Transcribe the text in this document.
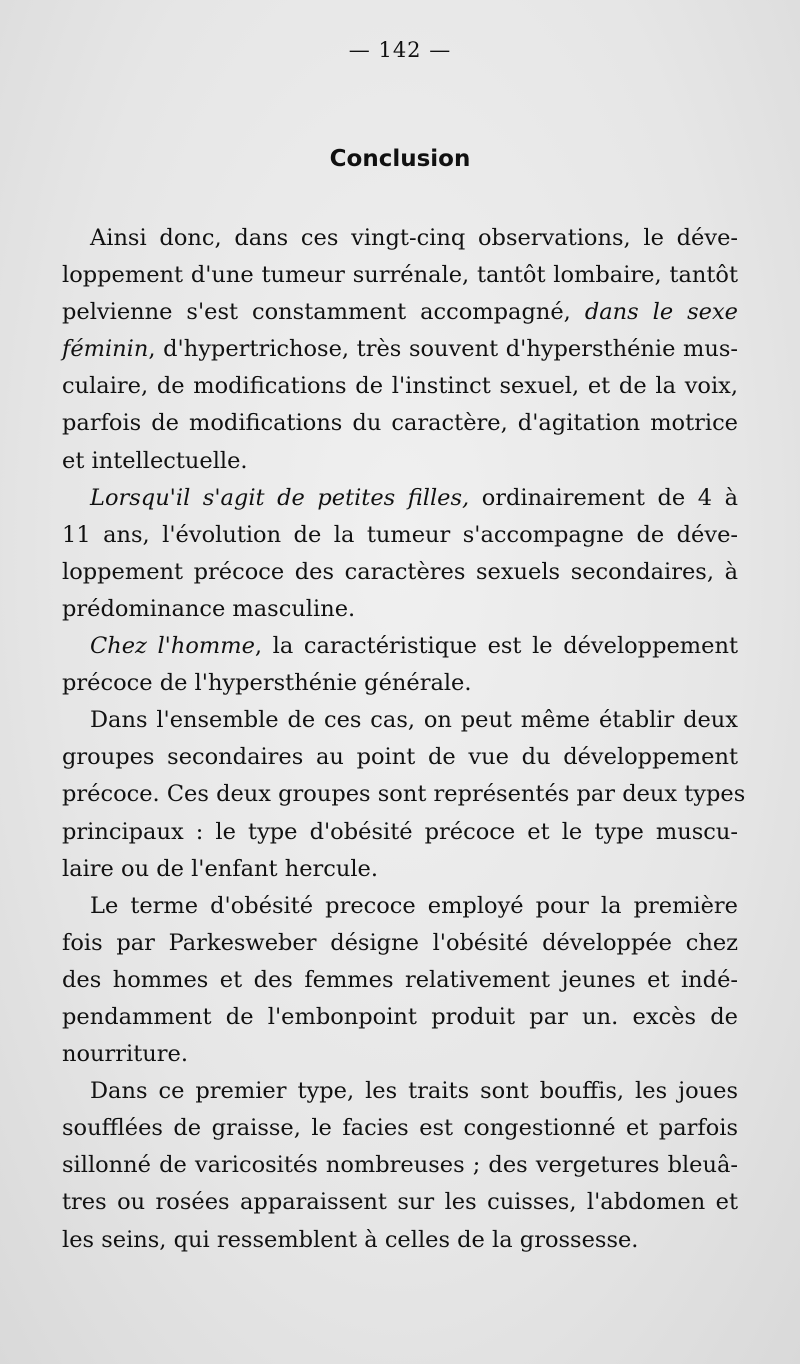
— 142 —
Conclusion
Ainsi donc, dans ces vingt-cinq observations, le déve-
loppement d'une tumeur surrénale, tantôt lombaire, tantôt
pelvienne s'est constamment accompagné, dans le sexe
féminin, d'hypertrichose, très souvent d'hypersthénie mus-
culaire, de modifications de l'instinct sexuel, et de la voix,
parfois de modifications du caractère, d'agitation motrice
et intellectuelle.
Lorsqu'il s'agit de petites filles, ordinairement de 4 à
11 ans, l'évolution de la tumeur s'accompagne de déve-
loppement précoce des caractères sexuels secondaires, à
prédominance masculine.
Chez l'homme, la caractéristique est le développement
précoce de l'hypersthénie générale.
Dans l'ensemble de ces cas, on peut même établir deux
groupes secondaires au point de vue du développement
précoce. Ces deux groupes sont représentés par deux types
principaux : le type d'obésité précoce et le type muscu-
laire ou de l'enfant hercule.
Le terme d'obésité precoce employé pour la première
fois par Parkesweber désigne l'obésité développée chez
des hommes et des femmes relativement jeunes et indé-
pendamment de l'embonpoint produit par un. excès de
nourriture.
Dans ce premier type, les traits sont bouffis, les joues
soufflées de graisse, le facies est congestionné et parfois
sillonné de varicosités nombreuses ; des vergetures bleuâ-
tres ou rosées apparaissent sur les cuisses, l'abdomen et
les seins, qui ressemblent à celles de la grossesse.
